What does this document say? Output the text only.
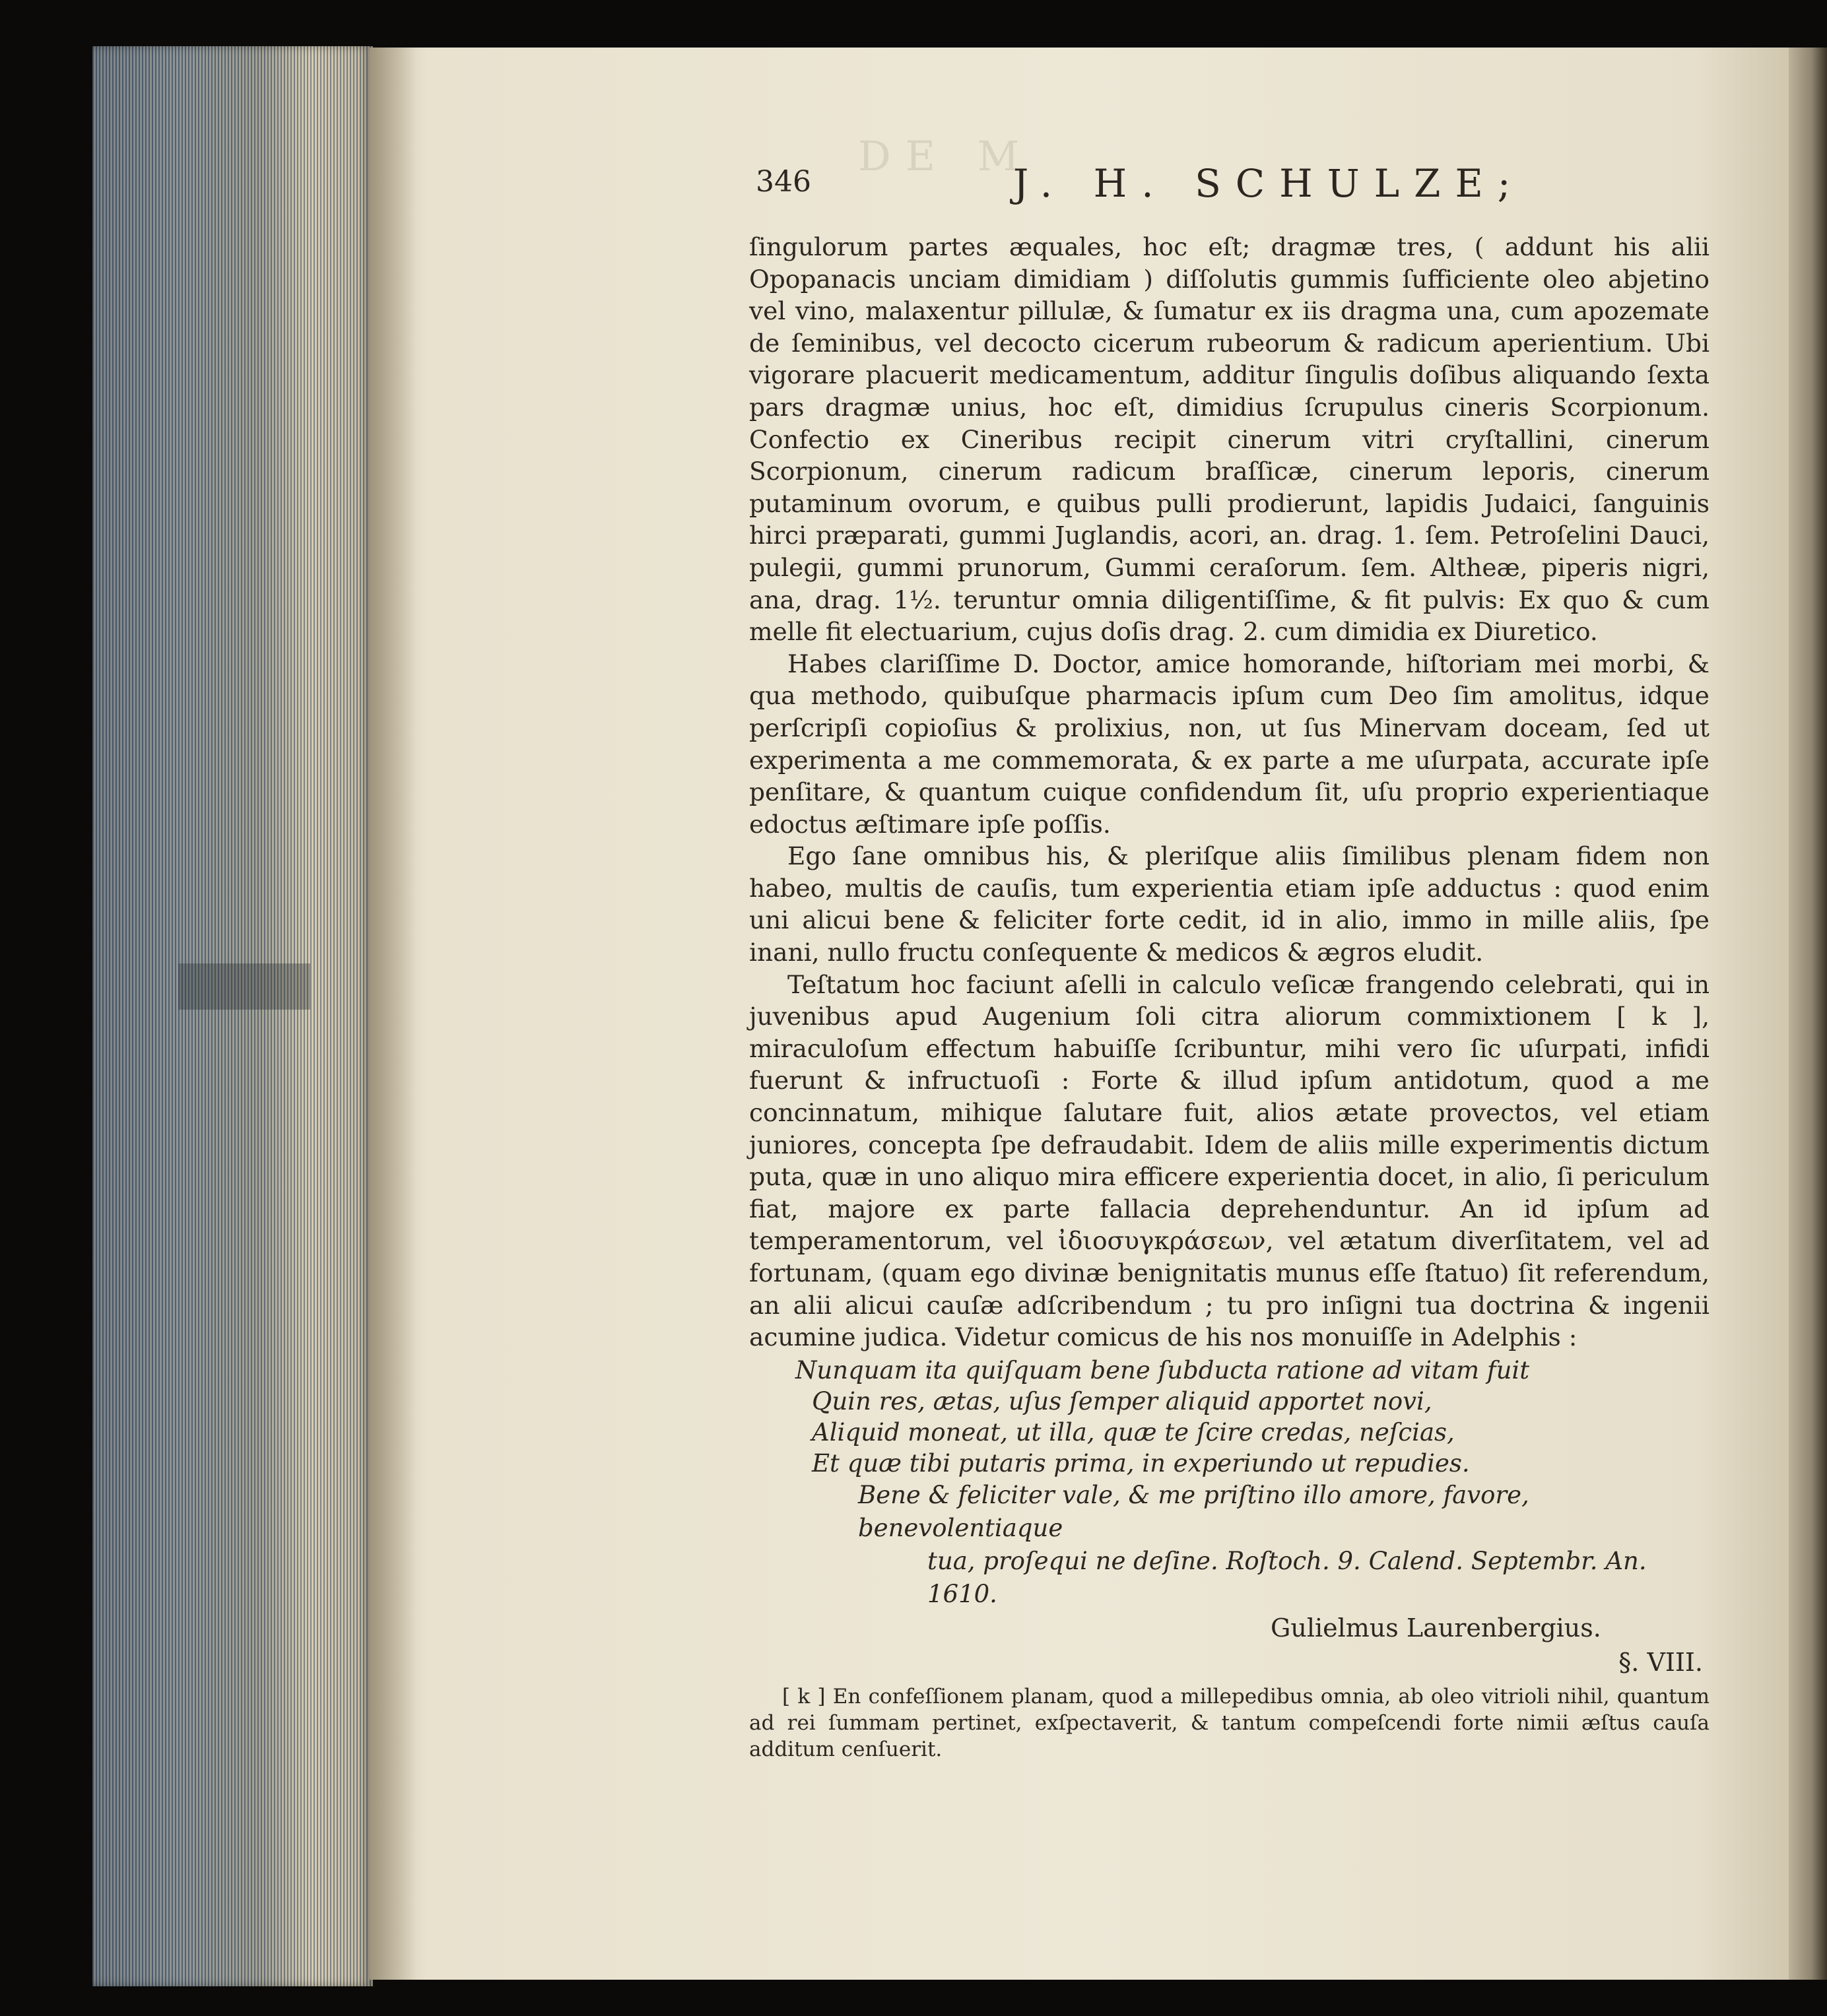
DE M
346	J. H. SCHULZE;

ſingulorum partes æquales, hoc eſt; dragmæ tres, ( addunt his alii Opopanacis unciam dimidiam ) diſſolutis gummis ſufficiente oleo abjetino vel vino, malaxentur pillulæ, & ſumatur ex iis dragma una, cum apozemate de ſeminibus, vel decocto cicerum rubeorum & radicum aperientium. Ubi vigorare placuerit medicamentum, additur ſingulis doſibus aliquando ſexta pars dragmæ unius, hoc eſt, dimidius ſcrupulus cineris Scorpionum. Confectio ex Cineribus recipit cinerum vitri cryſtallini, cinerum Scorpionum, cinerum radicum braſſicæ, cinerum leporis, cinerum putaminum ovorum, e quibus pulli prodierunt, lapidis Judaici, ſanguinis hirci præparati, gummi Juglandis, acori, an. drag. 1. ſem. Petroſelini Dauci, pulegii, gummi prunorum, Gummi ceraſorum. ſem. Altheæ, piperis nigri, ana, drag. 1½. teruntur omnia diligentiſſime, & fit pulvis: Ex quo & cum melle fit electuarium, cujus doſis drag. 2. cum dimidia ex Diuretico.

Habes clariſſime D. Doctor, amice homorande, hiſtoriam mei morbi, & qua methodo, quibuſque pharmacis ipſum cum Deo ſim amolitus, idque perſcripſi copioſius & prolixius, non, ut ſus Minervam doceam, ſed ut experimenta a me commemorata, & ex parte a me uſurpata, accurate ipſe penſitare, & quantum cuique confidendum ſit, uſu proprio experientiaque edoctus æſtimare ipſe poſſis.

Ego ſane omnibus his, & pleriſque aliis ſimilibus plenam fidem non habeo, multis de cauſis, tum experientia etiam ipſe adductus : quod enim uni alicui bene & feliciter forte cedit, id in alio, immo in mille aliis, ſpe inani, nullo fructu conſequente & medicos & ægros eludit.

Teſtatum hoc faciunt aſelli in calculo veſicæ frangendo celebrati, qui in juvenibus apud Augenium ſoli citra aliorum commixtionem [ k ], miraculoſum effectum habuiſſe ſcribuntur, mihi vero ſic uſurpati, infidi fuerunt & infructuoſi : Forte & illud ipſum antidotum, quod a me concinnatum, mihique ſalutare fuit, alios ætate provectos, vel etiam juniores, concepta ſpe defraudabit. Idem de aliis mille experimentis dictum puta, quæ in uno aliquo mira efficere experientia docet, in alio, ſi periculum fiat, majore ex parte fallacia deprehenduntur. An id ipſum ad temperamentorum, vel ἰδιοσυγκράσεων, vel ætatum diverſitatem, vel ad fortunam, (quam ego divinæ benignitatis munus eſſe ſtatuo) ſit referendum, an alii alicui cauſæ adſcribendum ; tu pro inſigni tua doctrina & ingenii acumine judica. Videtur comicus de his nos monuiſſe in Adelphis :

Nunquam ita quiſquam bene ſubducta ratione ad vitam fuit
Quin res, ætas, uſus ſemper aliquid apportet novi,
Aliquid moneat, ut illa, quæ te ſcire credas, neſcias,
Et quæ tibi putaris prima, in experiundo ut repudies.
Bene & feliciter vale, & me priſtino illo amore, favore, benevolentiaque
tua, proſequi ne deſine. Roſtoch. 9. Calend. Septembr. An. 1610.
Gulielmus Laurenbergius.
§. VIII.
[ k ] En confeſſionem planam, quod a millepedibus omnia, ab oleo vitrioli nihil, quantum ad rei ſummam pertinet, exſpectaverit, & tantum compeſcendi forte nimii æſtus cauſa additum cenſuerit.
